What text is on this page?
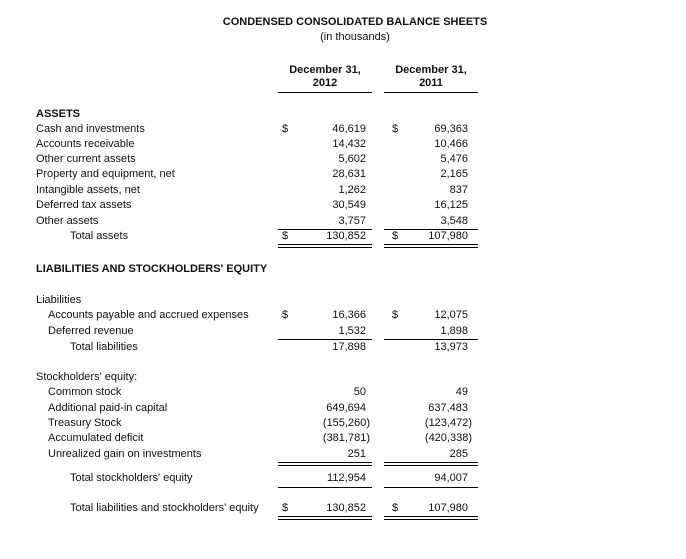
CONDENSED CONSOLIDATED BALANCE SHEETS
(in thousands)
December 31,
2012
December 31,
2011
ASSETS
Cash and investments	$	46,619 $	69,363
Accounts receivable	14,432	10,466
Other current assets	5,602	5,476
Property and equipment, net	28,631	2,165
Intangible assets, net	1,262	837
Deferred tax assets	30,549	16,125
Other assets	3,757	3,548
Total assets	$	130,852 $	107,980
LIABILITIES AND STOCKHOLDERS' EQUITY
Liabilities
Accounts payable and accrued expenses	$	16,366 $	12,075
Deferred revenue	1,532	1,898
Total liabilities	17,898	13,973
Stockholders' equity:
Common stock	50	49
Additional paid-in capital	649,694	637,483
Treasury Stock	(155,260)	(123,472)
Accumulated deficit	(381,781)	(420,338)
Unrealized gain on investments	251	285
Total stockholders' equity	112,954	94,007
Total liabilities and stockholders' equity $	130,852 $	107,980
